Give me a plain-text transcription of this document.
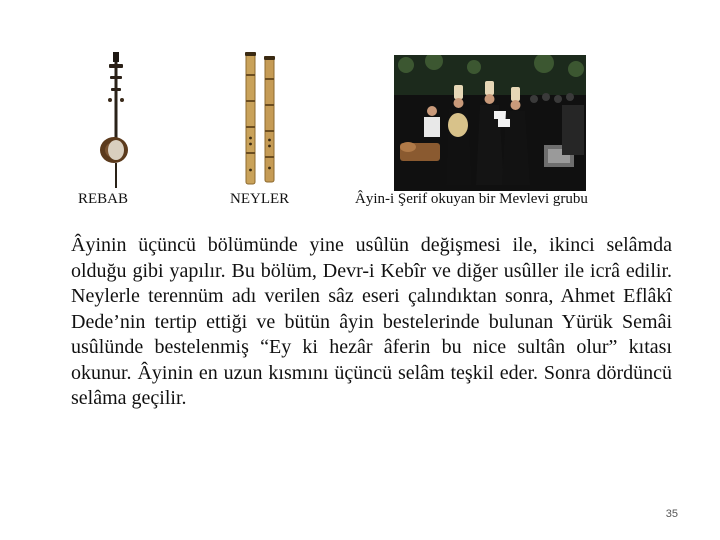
REBAB	NEYLER	Âyin-i Şerif okuyan bir Mevlevi grubu

Âyinin üçüncü bölümünde yine usûlün değişmesi ile, ikinci selâmda olduğu gibi yapılır. Bu bölüm, Devr-i Kebîr ve diğer usûller ile icrâ edilir. Neylerle terennüm adı verilen sâz eseri çalındıktan sonra, Ahmet Eflâkî Dede’nin tertip ettiği ve bütün âyin bestelerinde bulunan Yürük Semâi usûlünde bestelenmiş “Ey ki hezâr âferin bu nice sultân olur” kıtası okunur. Âyinin en uzun kısmını üçüncü selâm teşkil eder. Sonra dördüncü selâma geçilir.

35
